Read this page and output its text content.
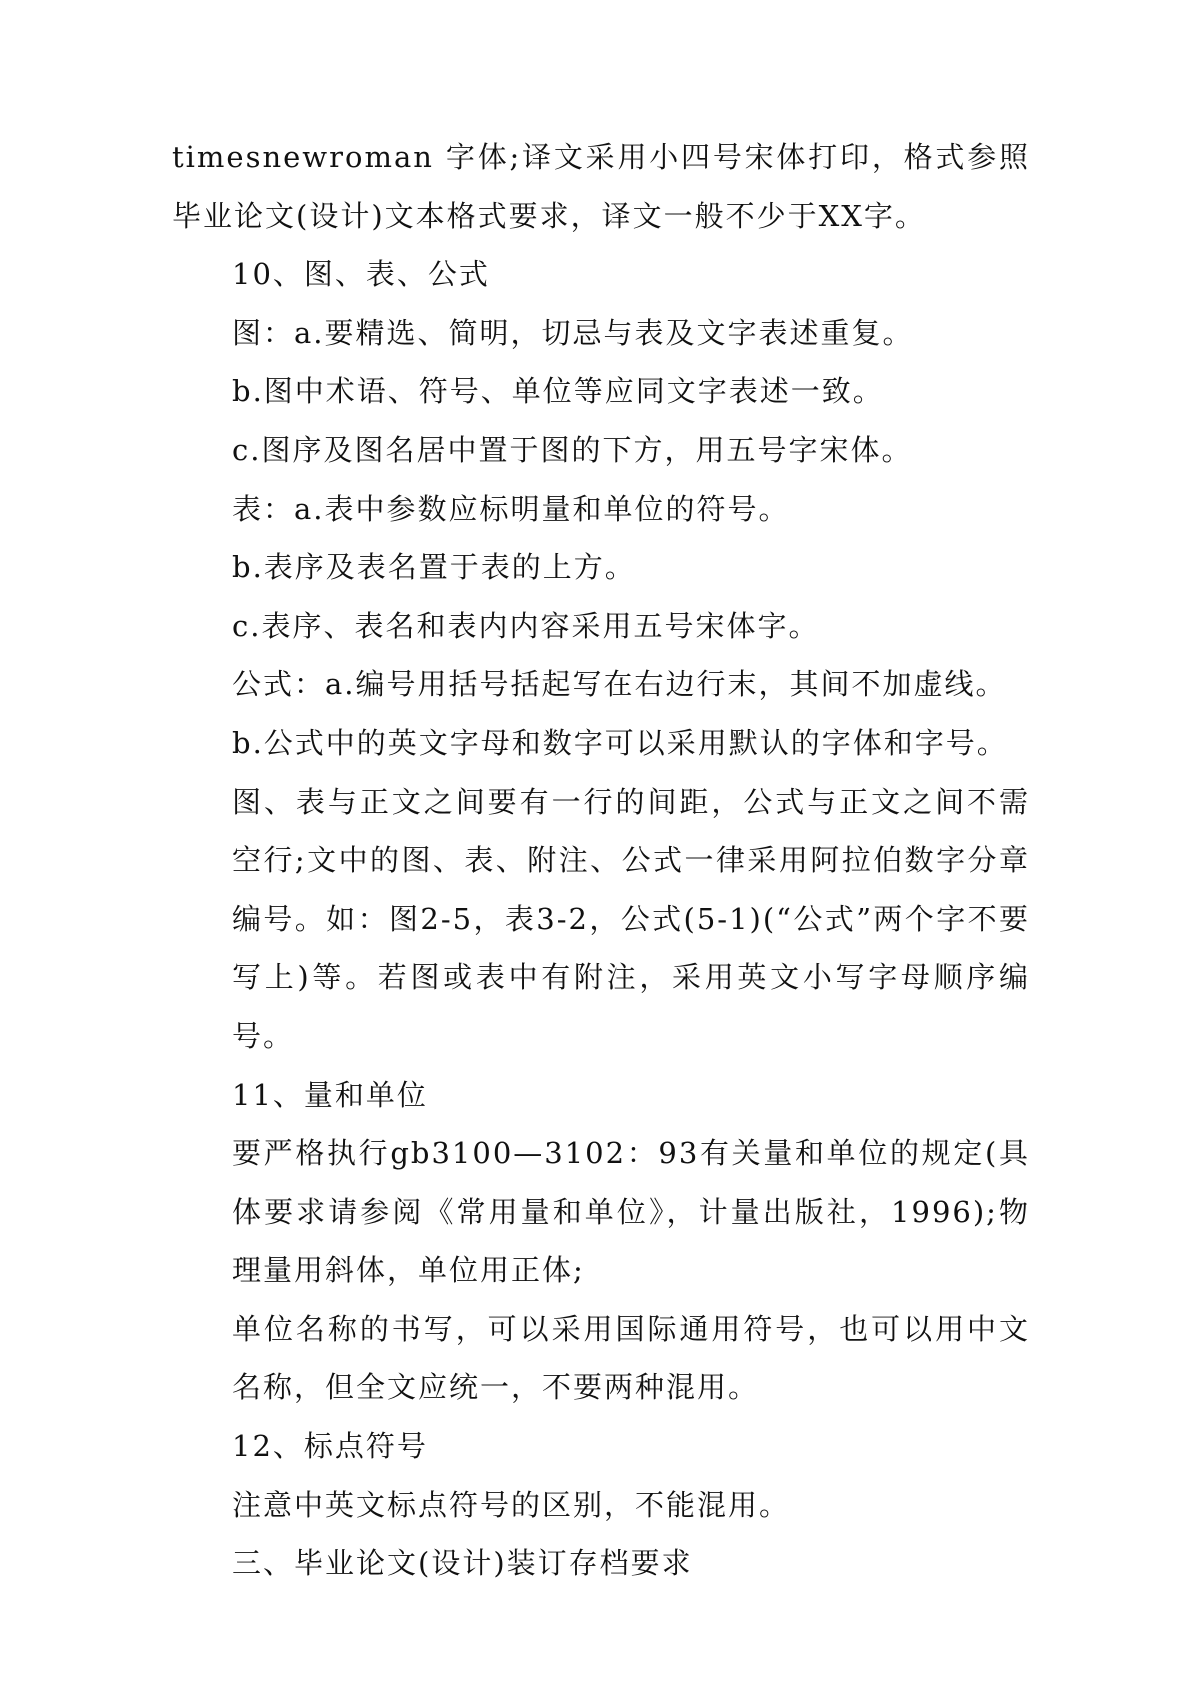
timesnewroman 字体;译文采用小四号宋体打印，格式参照毕业论文(设计)文本格式要求，译文一般不少于XX字。

10、图、表、公式

图：a.要精选、简明，切忌与表及文字表述重复。

b.图中术语、符号、单位等应同文字表述一致。

c.图序及图名居中置于图的下方，用五号字宋体。

表：a.表中参数应标明量和单位的符号。

b.表序及表名置于表的上方。

c.表序、表名和表内内容采用五号宋体字。

公式：a.编号用括号括起写在右边行末，其间不加虚线。

b.公式中的英文字母和数字可以采用默认的字体和字号。

图、表与正文之间要有一行的间距，公式与正文之间不需空行;文中的图、表、附注、公式一律采用阿拉伯数字分章编号。如：图2-5，表3-2，公式(5-1)(“公式”两个字不要写上)等。若图或表中有附注，采用英文小写字母顺序编号。

11、量和单位

要严格执行gb3100—3102：93有关量和单位的规定(具体要求请参阅《常用量和单位》，计量出版社，1996);物理量用斜体，单位用正体;

单位名称的书写，可以采用国际通用符号，也可以用中文名称，但全文应统一，不要两种混用。

12、标点符号

注意中英文标点符号的区别，不能混用。

三、毕业论文(设计)装订存档要求
